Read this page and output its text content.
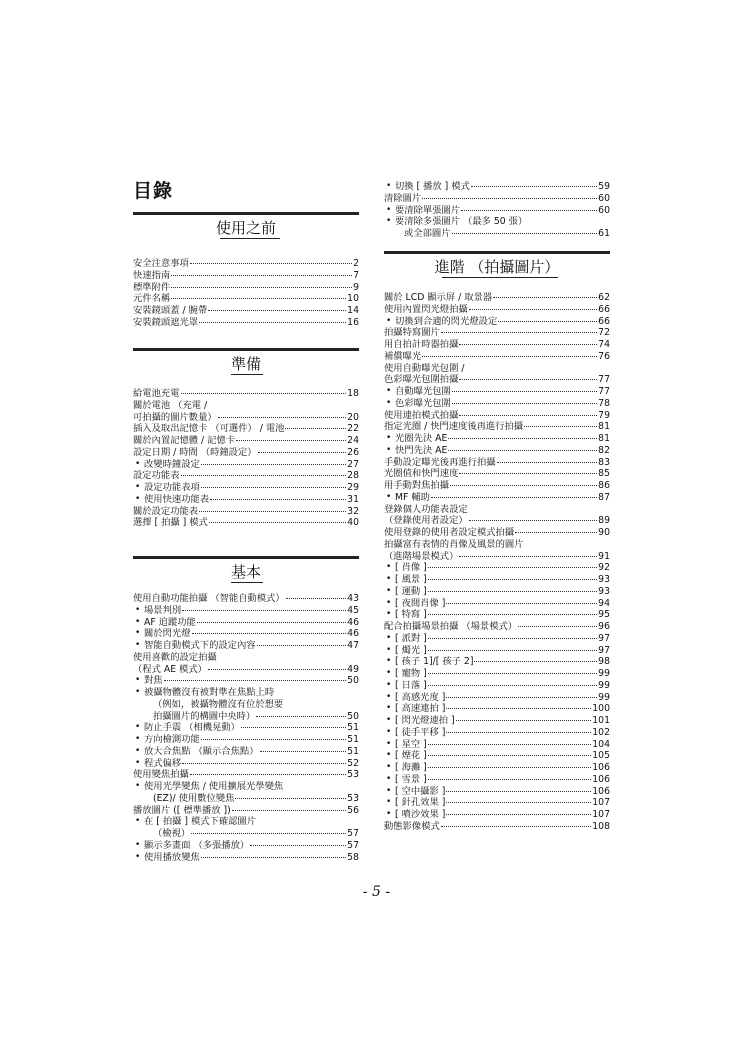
目錄
使用之前
安全注意事項	2
快速指南	7
標準附件	9
元件名稱	10
安裝鏡頭蓋 / 腕帶	14
安裝鏡頭遮光罩	16
準備
給電池充電	18
關於電池 （充電 /
可拍攝的圖片數量）	20
插入及取出記憶卡 （可選件） / 電池	22
關於內置記憶體 / 記憶卡	24
設定日期 / 時間 （時鐘設定）	26
• 改變時鐘設定	27
設定功能表	28
• 設定功能表項	29
• 使用快速功能表	31
關於設定功能表	32
選擇 [ 拍攝 ] 模式	40
基本
使用自動功能拍攝 （智能自動模式）	43
• 場景判別	45
• AF 追蹤功能	46
• 關於閃光燈	46
• 智能自動模式下的設定內容	47
使用喜歡的設定拍攝
（程式 AE 模式）	49
• 對焦	50
• 被攝物體沒有被對準在焦點上時
（例如，被攝物體沒有位於想要
拍攝圖片的構圖中央時）	50
• 防止手震 （相機晃動）	51
• 方向檢測功能	51
• 放大合焦點 （顯示合焦點）	51
• 程式偏移	52
使用變焦拍攝	53
• 使用光學變焦 / 使用擴展光學變焦
(EZ)/ 使用數位變焦	53
播放圖片 ([ 標準播放 ])	56
• 在 [ 拍攝 ] 模式下確認圖片
（檢視）	57
• 顯示多畫面 （多張播放）	57
• 使用播放變焦	58
• 切換 [ 播放 ] 模式	59
清除圖片	60
• 要清除單張圖片	60
• 要清除多張圖片 （最多 50 張）
或全部圖片	61
進階 （拍攝圖片）
關於 LCD 顯示屏 / 取景器	62
使用內置閃光燈拍攝	66
• 切換到合適的閃光燈設定	66
拍攝特寫圖片	72
用自拍計時器拍攝	74
補償曝光	76
使用自動曝光包圍 /
色彩曝光包圍拍攝	77
• 自動曝光包圍	77
• 色彩曝光包圍	78
使用連拍模式拍攝	79
指定光圈 / 快門速度後再進行拍攝	81
• 光圈先決 AE	81
• 快門先決 AE	82
手動設定曝光後再進行拍攝	83
光圈值和快門速度	85
用手動對焦拍攝	86
• MF 輔助	87
登錄個人功能表設定
（登錄使用者設定）	89
使用登錄的使用者設定模式拍攝	90
拍攝富有表情的肖像及風景的圖片
（進階場景模式）	91
• [ 肖像 ]	92
• [ 風景 ]	93
• [ 運動 ]	93
• [ 夜間肖像 ]	94
• [ 特寫 ]	95
配合拍攝場景拍攝 （場景模式）	96
• [ 派對 ]	97
• [ 燭光 ]	97
• [ 孩子 1]/[ 孩子 2]	98
• [ 寵物 ]	99
• [ 日落 ]	99
• [ 高感光度 ]	99
• [ 高速連拍 ]	100
• [ 閃光燈連拍 ]	101
• [ 徒手平移 ]	102
• [ 星空 ]	104
• [ 煙花 ]	105
• [ 海灘 ]	106
• [ 雪景 ]	106
• [ 空中攝影 ]	106
• [ 針孔效果 ]	107
• [ 噴沙效果 ]	107
動態影像模式	108
- 5 -
